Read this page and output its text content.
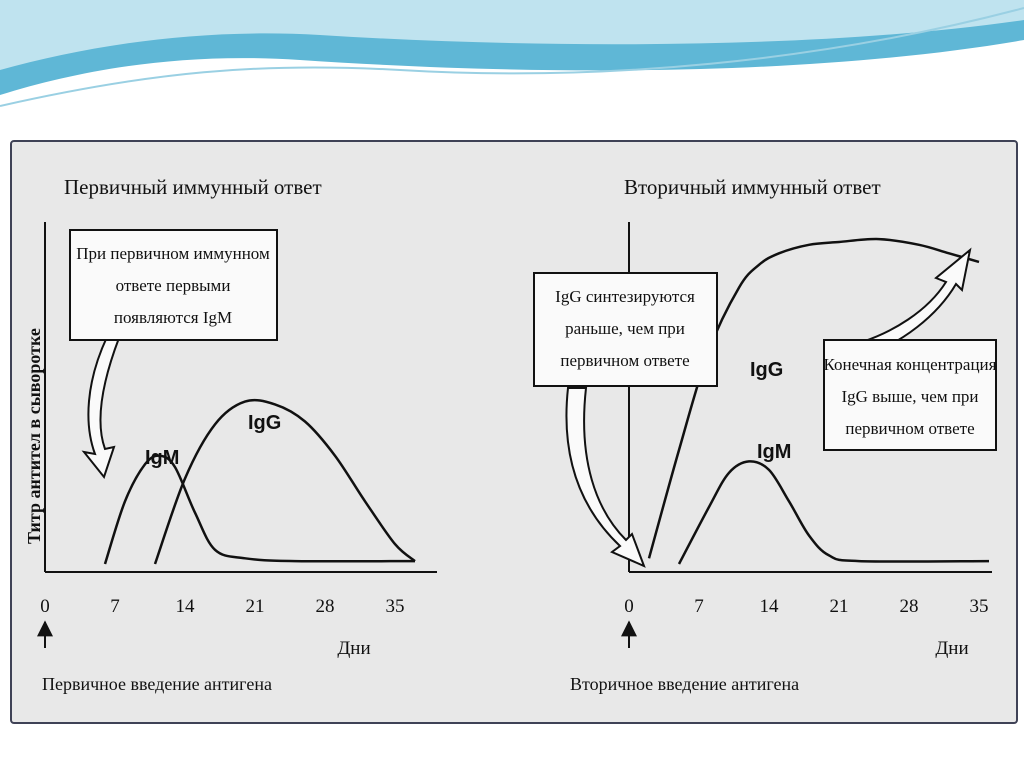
Первичный иммунный ответ
Титр антител в сыворотке
0	7	14	21	28	35
Дни
Первичное введение антигена
IgM
IgG
При первичном иммунном
ответе первыми
появляются IgM
Вторичный иммунный ответ
0	7	14	21	28	35
Дни
Вторичное введение антигена
IgG
IgM
IgG синтезируются
раньше, чем при
первичном ответе	Конечная концентрация
IgG выше, чем при
первичном ответе
